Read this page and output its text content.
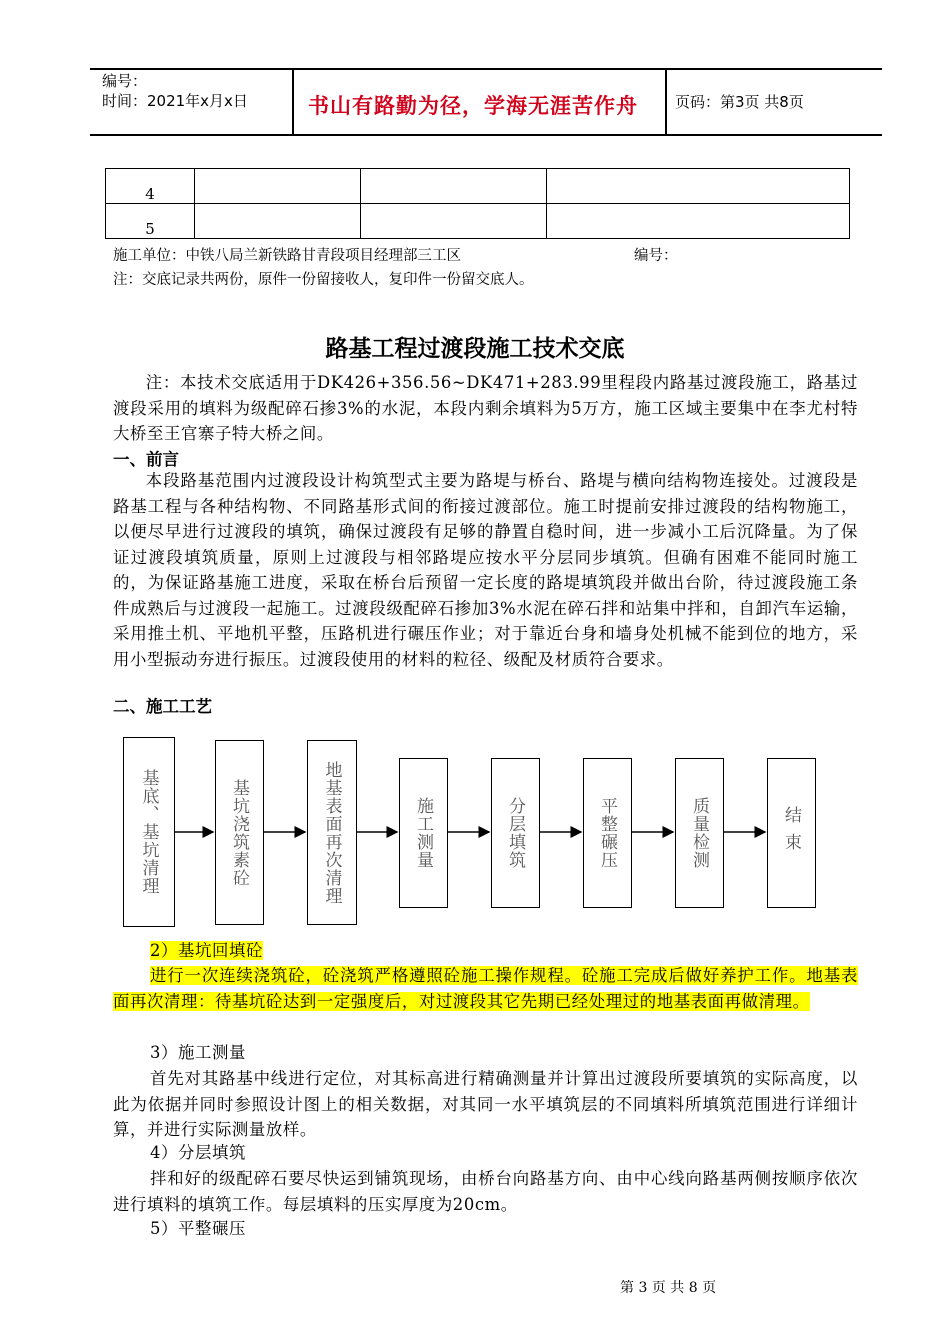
编号：
时间：2021年x月x日	书山有路勤为径，学海无涯苦作舟 页码：第3页 共8页
4			
5			
施工单位：中铁八局兰新铁路甘青段项目经理部三工区	编号：
注：交底记录共两份，原件一份留接收人，复印件一份留交底人。
路基工程过渡段施工技术交底
注：本技术交底适用于DK426+356.56~DK471+283.99里程段内路基过渡段施工，路基过渡段采用的填料为级配碎石掺3%的水泥，本段内剩余填料为5万方，施工区域主要集中在李尤村特大桥至王官寨子特大桥之间。
一、前言
本段路基范围内过渡段设计构筑型式主要为路堤与桥台、路堤与横向结构物连接处。过渡段是路基工程与各种结构物、不同路基形式间的衔接过渡部位。施工时提前安排过渡段的结构物施工，以便尽早进行过渡段的填筑，确保过渡段有足够的静置自稳时间，进一步减小工后沉降量。为了保证过渡段填筑质量，原则上过渡段与相邻路堤应按水平分层同步填筑。但确有困难不能同时施工的，为保证路基施工进度，采取在桥台后预留一定长度的路堤填筑段并做出台阶，待过渡段施工条件成熟后与过渡段一起施工。过渡段级配碎石掺加3%水泥在碎石拌和站集中拌和，自卸汽车运输，采用推土机、平地机平整，压路机进行碾压作业；对于靠近台身和墙身处机械不能到位的地方，采用小型振动夯进行振压。过渡段使用的材料的粒径、级配及材质符合要求。
二、施工工艺
基底、基坑清理	基坑浇筑素砼	地基表面再次清理	施工测量	分层填筑	平整碾压	质量检测	结束
2）基坑回填砼
进行一次连续浇筑砼，砼浇筑严格遵照砼施工操作规程。砼施工完成后做好养护工作。地基表面再次清理：待基坑砼达到一定强度后，对过渡段其它先期已经处理过的地基表面再做清理。
3）施工测量
首先对其路基中线进行定位，对其标高进行精确测量并计算出过渡段所要填筑的实际高度，以此为依据并同时参照设计图上的相关数据，对其同一水平填筑层的不同填料所填筑范围进行详细计算，并进行实际测量放样。
4）分层填筑
拌和好的级配碎石要尽快运到铺筑现场，由桥台向路基方向、由中心线向路基两侧按顺序依次进行填料的填筑工作。每层填料的压实厚度为20cm。
5）平整碾压
第 3 页 共 8 页
